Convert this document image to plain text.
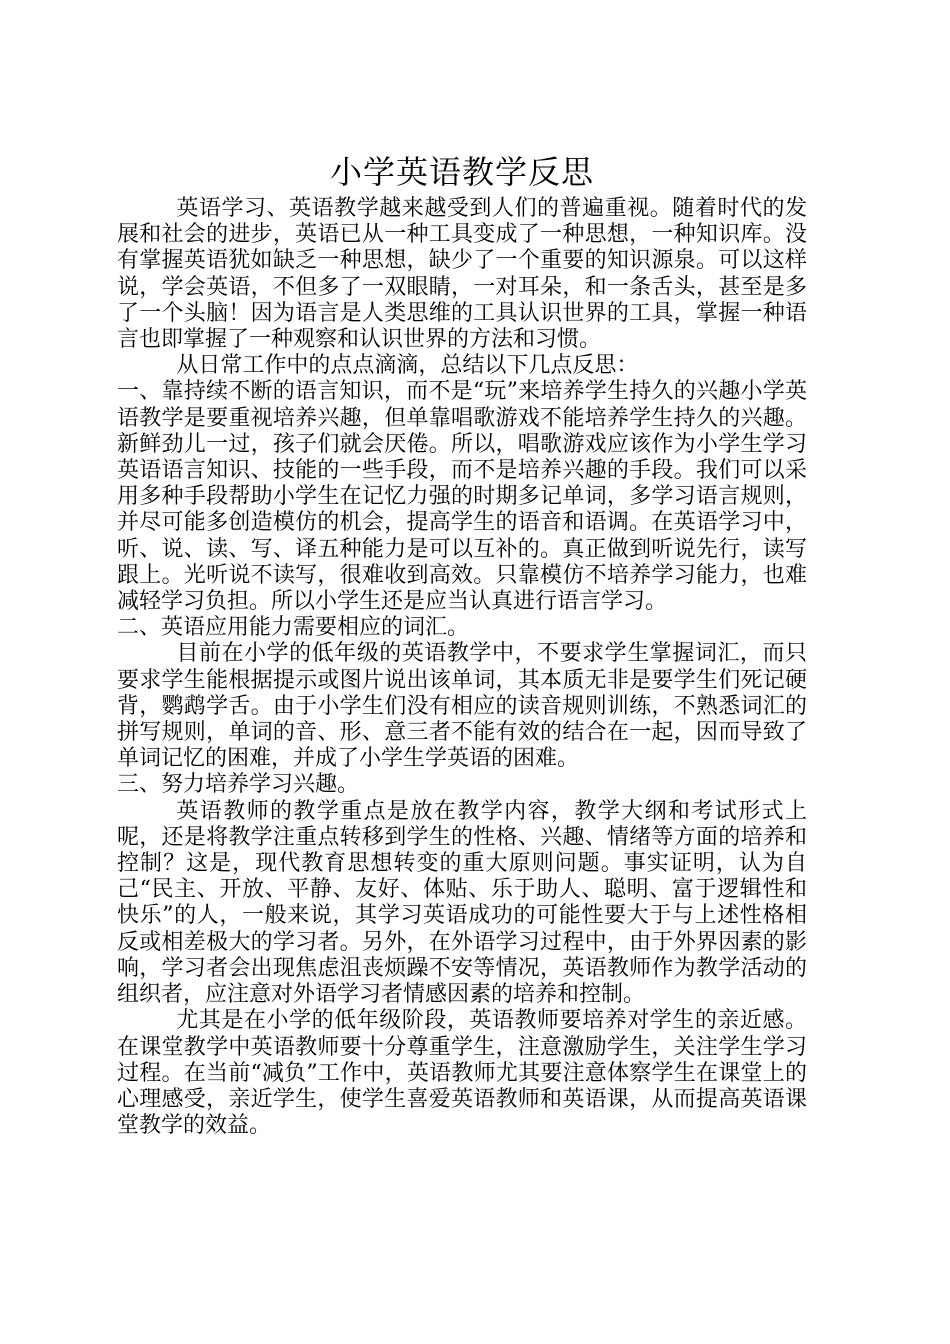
小学英语教学反思

英语学习、英语教学越来越受到人们的普遍重视。随着时代的发展和社会的进步，英语已从一种工具变成了一种思想，一种知识库。没有掌握英语犹如缺乏一种思想，缺少了一个重要的知识源泉。可以这样说，学会英语，不但多了一双眼睛，一对耳朵，和一条舌头，甚至是多了一个头脑！因为语言是人类思维的工具认识世界的工具，掌握一种语言也即掌握了一种观察和认识世界的方法和习惯。

从日常工作中的点点滴滴，总结以下几点反思：

一、靠持续不断的语言知识，而不是“玩”来培养学生持久的兴趣小学英语教学是要重视培养兴趣，但单靠唱歌游戏不能培养学生持久的兴趣。新鲜劲儿一过，孩子们就会厌倦。所以，唱歌游戏应该作为小学生学习英语语言知识、技能的一些手段，而不是培养兴趣的手段。我们可以采用多种手段帮助小学生在记忆力强的时期多记单词，多学习语言规则，并尽可能多创造模仿的机会，提高学生的语音和语调。在英语学习中，听、说、读、写、译五种能力是可以互补的。真正做到听说先行，读写跟上。光听说不读写，很难收到高效。只靠模仿不培养学习能力，也难减轻学习负担。所以小学生还是应当认真进行语言学习。

二、英语应用能力需要相应的词汇。

目前在小学的低年级的英语教学中，不要求学生掌握词汇，而只要求学生能根据提示或图片说出该单词，其本质无非是要学生们死记硬背，鹦鹉学舌。由于小学生们没有相应的读音规则训练，不熟悉词汇的拼写规则，单词的音、形、意三者不能有效的结合在一起，因而导致了单词记忆的困难，并成了小学生学英语的困难。

三、努力培养学习兴趣。

英语教师的教学重点是放在教学内容，教学大纲和考试形式上呢，还是将教学注重点转移到学生的性格、兴趣、情绪等方面的培养和控制？这是，现代教育思想转变的重大原则问题。事实证明，认为自己“民主、开放、平静、友好、体贴、乐于助人、聪明、富于逻辑性和快乐”的人，一般来说，其学习英语成功的可能性要大于与上述性格相反或相差极大的学习者。另外，在外语学习过程中，由于外界因素的影响，学习者会出现焦虑沮丧烦躁不安等情况，英语教师作为教学活动的组织者，应注意对外语学习者情感因素的培养和控制。

尤其是在小学的低年级阶段，英语教师要培养对学生的亲近感。在课堂教学中英语教师要十分尊重学生，注意激励学生，关注学生学习过程。在当前“减负”工作中，英语教师尤其要注意体察学生在课堂上的心理感受，亲近学生，使学生喜爱英语教师和英语课，从而提高英语课堂教学的效益。
